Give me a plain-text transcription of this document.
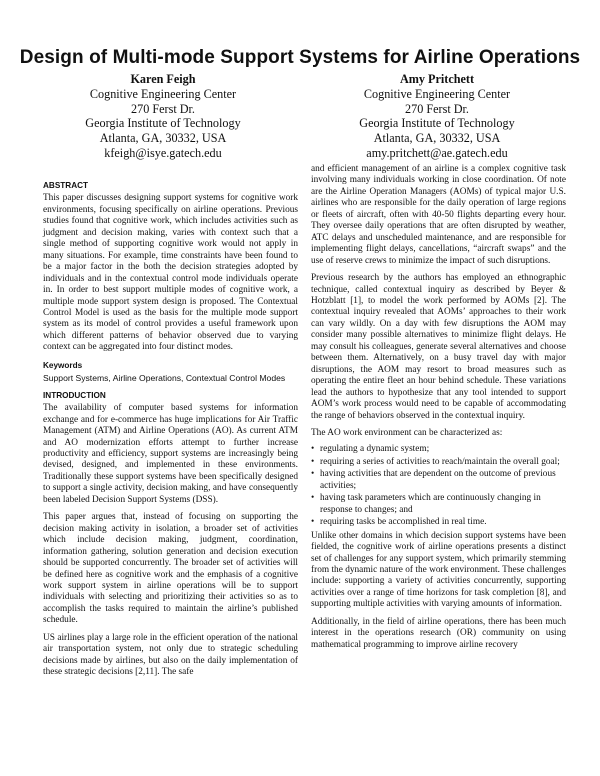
Design of Multi-mode Support Systems for Airline Operations
Karen Feigh
Cognitive Engineering Center
270 Ferst Dr.
Georgia Institute of Technology
Atlanta, GA, 30332, USA
kfeigh@isye.gatech.edu
Amy Pritchett
Cognitive Engineering Center
270 Ferst Dr.
Georgia Institute of Technology
Atlanta, GA, 30332, USA
amy.pritchett@ae.gatech.edu
ABSTRACT
This paper discusses designing support systems for cognitive work environments, focusing specifically on airline operations. Previous studies found that cognitive work, which includes activities such as judgment and decision making, varies with context such that a single method of supporting cognitive work would not apply in many situations. For example, time constraints have been found to be a major factor in the both the decision strategies adopted by individuals and in the contextual control mode individuals operate in. In order to best support multiple modes of cognitive work, a multiple mode support system design is proposed. The Contextual Control Model is used as the basis for the multiple mode support system as its model of control provides a useful framework upon which different patterns of behavior observed due to varying context can be aggregated into four distinct modes.
Keywords
Support Systems, Airline Operations, Contextual Control Modes
INTRODUCTION
The availability of computer based systems for information exchange and for e-commerce has huge implications for Air Traffic Management (ATM) and Airline Operations (AO). As current ATM and AO modernization efforts attempt to further increase productivity and efficiency, support systems are increasingly being devised, designed, and implemented in these environments. Traditionally these support systems have been specifically designed to support a single activity, decision making, and have consequently been labeled Decision Support Systems (DSS).
This paper argues that, instead of focusing on supporting the decision making activity in isolation, a broader set of activities which include decision making, judgment, coordination, information gathering, solution generation and decision execution should be supported concurrently. The broader set of activities will be defined here as cognitive work and the emphasis of a cognitive work support system in airline operations will be to support individuals with selecting and prioritizing their activities so as to accomplish the tasks required to maintain the airline’s published schedule.
US airlines play a large role in the efficient operation of the national air transportation system, not only due to strategic scheduling decisions made by airlines, but also on the daily implementation of these strategic decisions [2,11]. The safe
and efficient management of an airline is a complex cognitive task involving many individuals working in close coordination. Of note are the Airline Operation Managers (AOMs) of typical major U.S. airlines who are responsible for the daily operation of large regions or fleets of aircraft, often with 40-50 flights departing every hour. They oversee daily operations that are often disrupted by weather, ATC delays and unscheduled maintenance, and are responsible for implementing flight delays, cancellations, “aircraft swaps” and the use of reserve crews to minimize the impact of such disruptions.
Previous research by the authors has employed an ethnographic technique, called contextual inquiry as described by Beyer & Hotzblatt [1], to model the work performed by AOMs [2]. The contextual inquiry revealed that AOMs’ approaches to their work can vary wildly. On a day with few disruptions the AOM may consider many possible alternatives to minimize flight delays. He may consult his colleagues, generate several alternatives and choose between them. Alternatively, on a busy travel day with major disruptions, the AOM may resort to broad measures such as operating the entire fleet an hour behind schedule. These variations lead the authors to hypothesize that any tool intended to support AOM’s work process would need to be capable of accommodating the range of behaviors observed in the contextual inquiry.
The AO work environment can be characterized as:
• regulating a dynamic system;
• requiring a series of activities to reach/maintain the overall goal;
• having activities that are dependent on the outcome of previous activities;
• having task parameters which are continuously changing in response to changes; and
• requiring tasks be accomplished in real time.
Unlike other domains in which decision support systems have been fielded, the cognitive work of airline operations presents a distinct set of challenges for any support system, which primarily stemming from the dynamic nature of the work environment. These challenges include: supporting a variety of activities concurrently, supporting activities over a range of time horizons for task completion [8], and supporting multiple activities with varying amounts of information.
Additionally, in the field of airline operations, there has been much interest in the operations research (OR) community on using mathematical programming to improve airline recovery
